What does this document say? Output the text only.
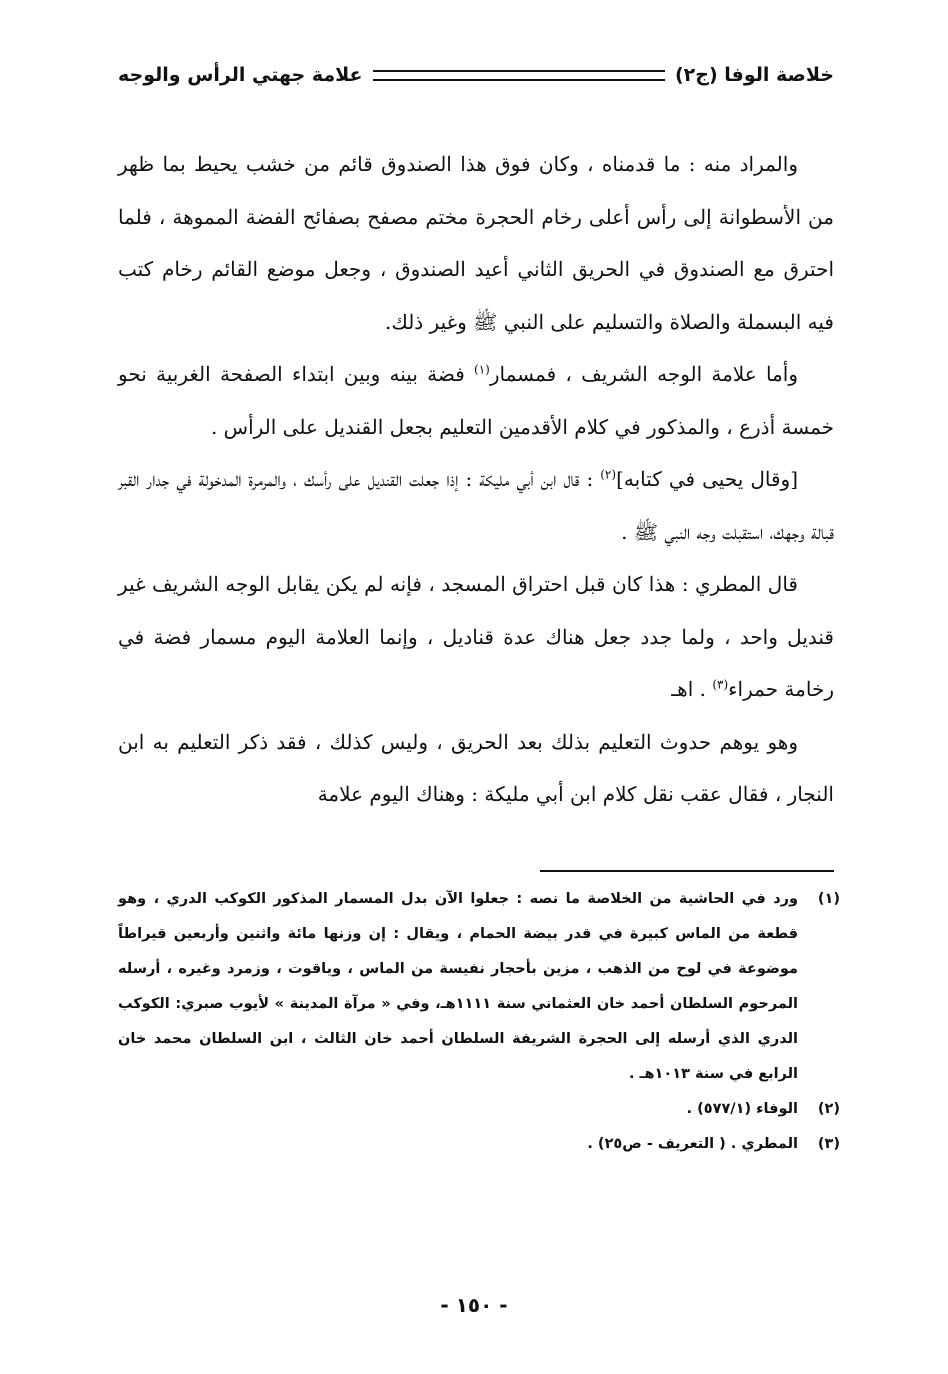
خلاصة الوفا (ج٢)
علامة جهتي الرأس والوجه

والمراد منه : ما قدمناه ، وكان فوق هذا الصندوق قائم من خشب يحيط بما ظهر من الأسطوانة إلى رأس أعلى رخام الحجرة مختم مصفح بصفائح الفضة المموهة ، فلما احترق مع الصندوق في الحريق الثاني أعيد الصندوق ، وجعل موضع القائم رخام كتب فيه البسملة والصلاة والتسليم على النبي ﷺ وغير ذلك.

وأما علامة الوجه الشريف ، فمسمار$^{(١)}$ فضة بينه وبين ابتداء الصفحة الغربية نحو خمسة أذرع ، والمذكور في كلام الأقدمين التعليم بجعل القنديل على الرأس .

[وقال يحيى في كتابه]$^{(٢)}$ : قال ابن أبي مليكة : إذا جعلت القنديل على رأسك ، والمرمرة المدخولة في جدار القبر قبالة وجهك، استقبلت وجه النبي ﷺ .

قال المطري : هذا كان قبل احتراق المسجد ، فإنه لم يكن يقابل الوجه الشريف غير قنديل واحد ، ولما جدد جعل هناك عدة قناديل ، وإنما العلامة اليوم مسمار فضة في رخامة حمراء$^{(٣)}$ . اهـ

وهو يوهم حدوث التعليم بذلك بعد الحريق ، وليس كذلك ، فقد ذكر التعليم به ابن النجار ، فقال عقب نقل كلام ابن أبي مليكة : وهناك اليوم علامة

(١)
ورد في الحاشية من الخلاصة ما نصه : جعلوا الآن بدل المسمار المذكور الكوكب الدري ، وهو قطعة من الماس كبيرة في قدر بيضة الحمام ، ويقال : إن وزنها مائة واثنين وأربعين قيراطاً موضوعة في لوح من الذهب ، مزين بأحجار نفيسة من الماس ، وياقوت ، وزمرد وغيره ، أرسله المرحوم السلطان أحمد خان العثماني سنة ١١١١هـ، وفي « مرآة المدينة » لأيوب صبري: الكوكب الدري الذي أرسله إلى الحجرة الشريفة السلطان أحمد خان الثالث ، ابن السلطان محمد خان الرابع في سنة ١٠١٣هـ .
(٢)
الوفاء (٥٧٧/١) .
(٣)
المطري . ( التعريف - ص٢٥) .
- ١٥٠ -
